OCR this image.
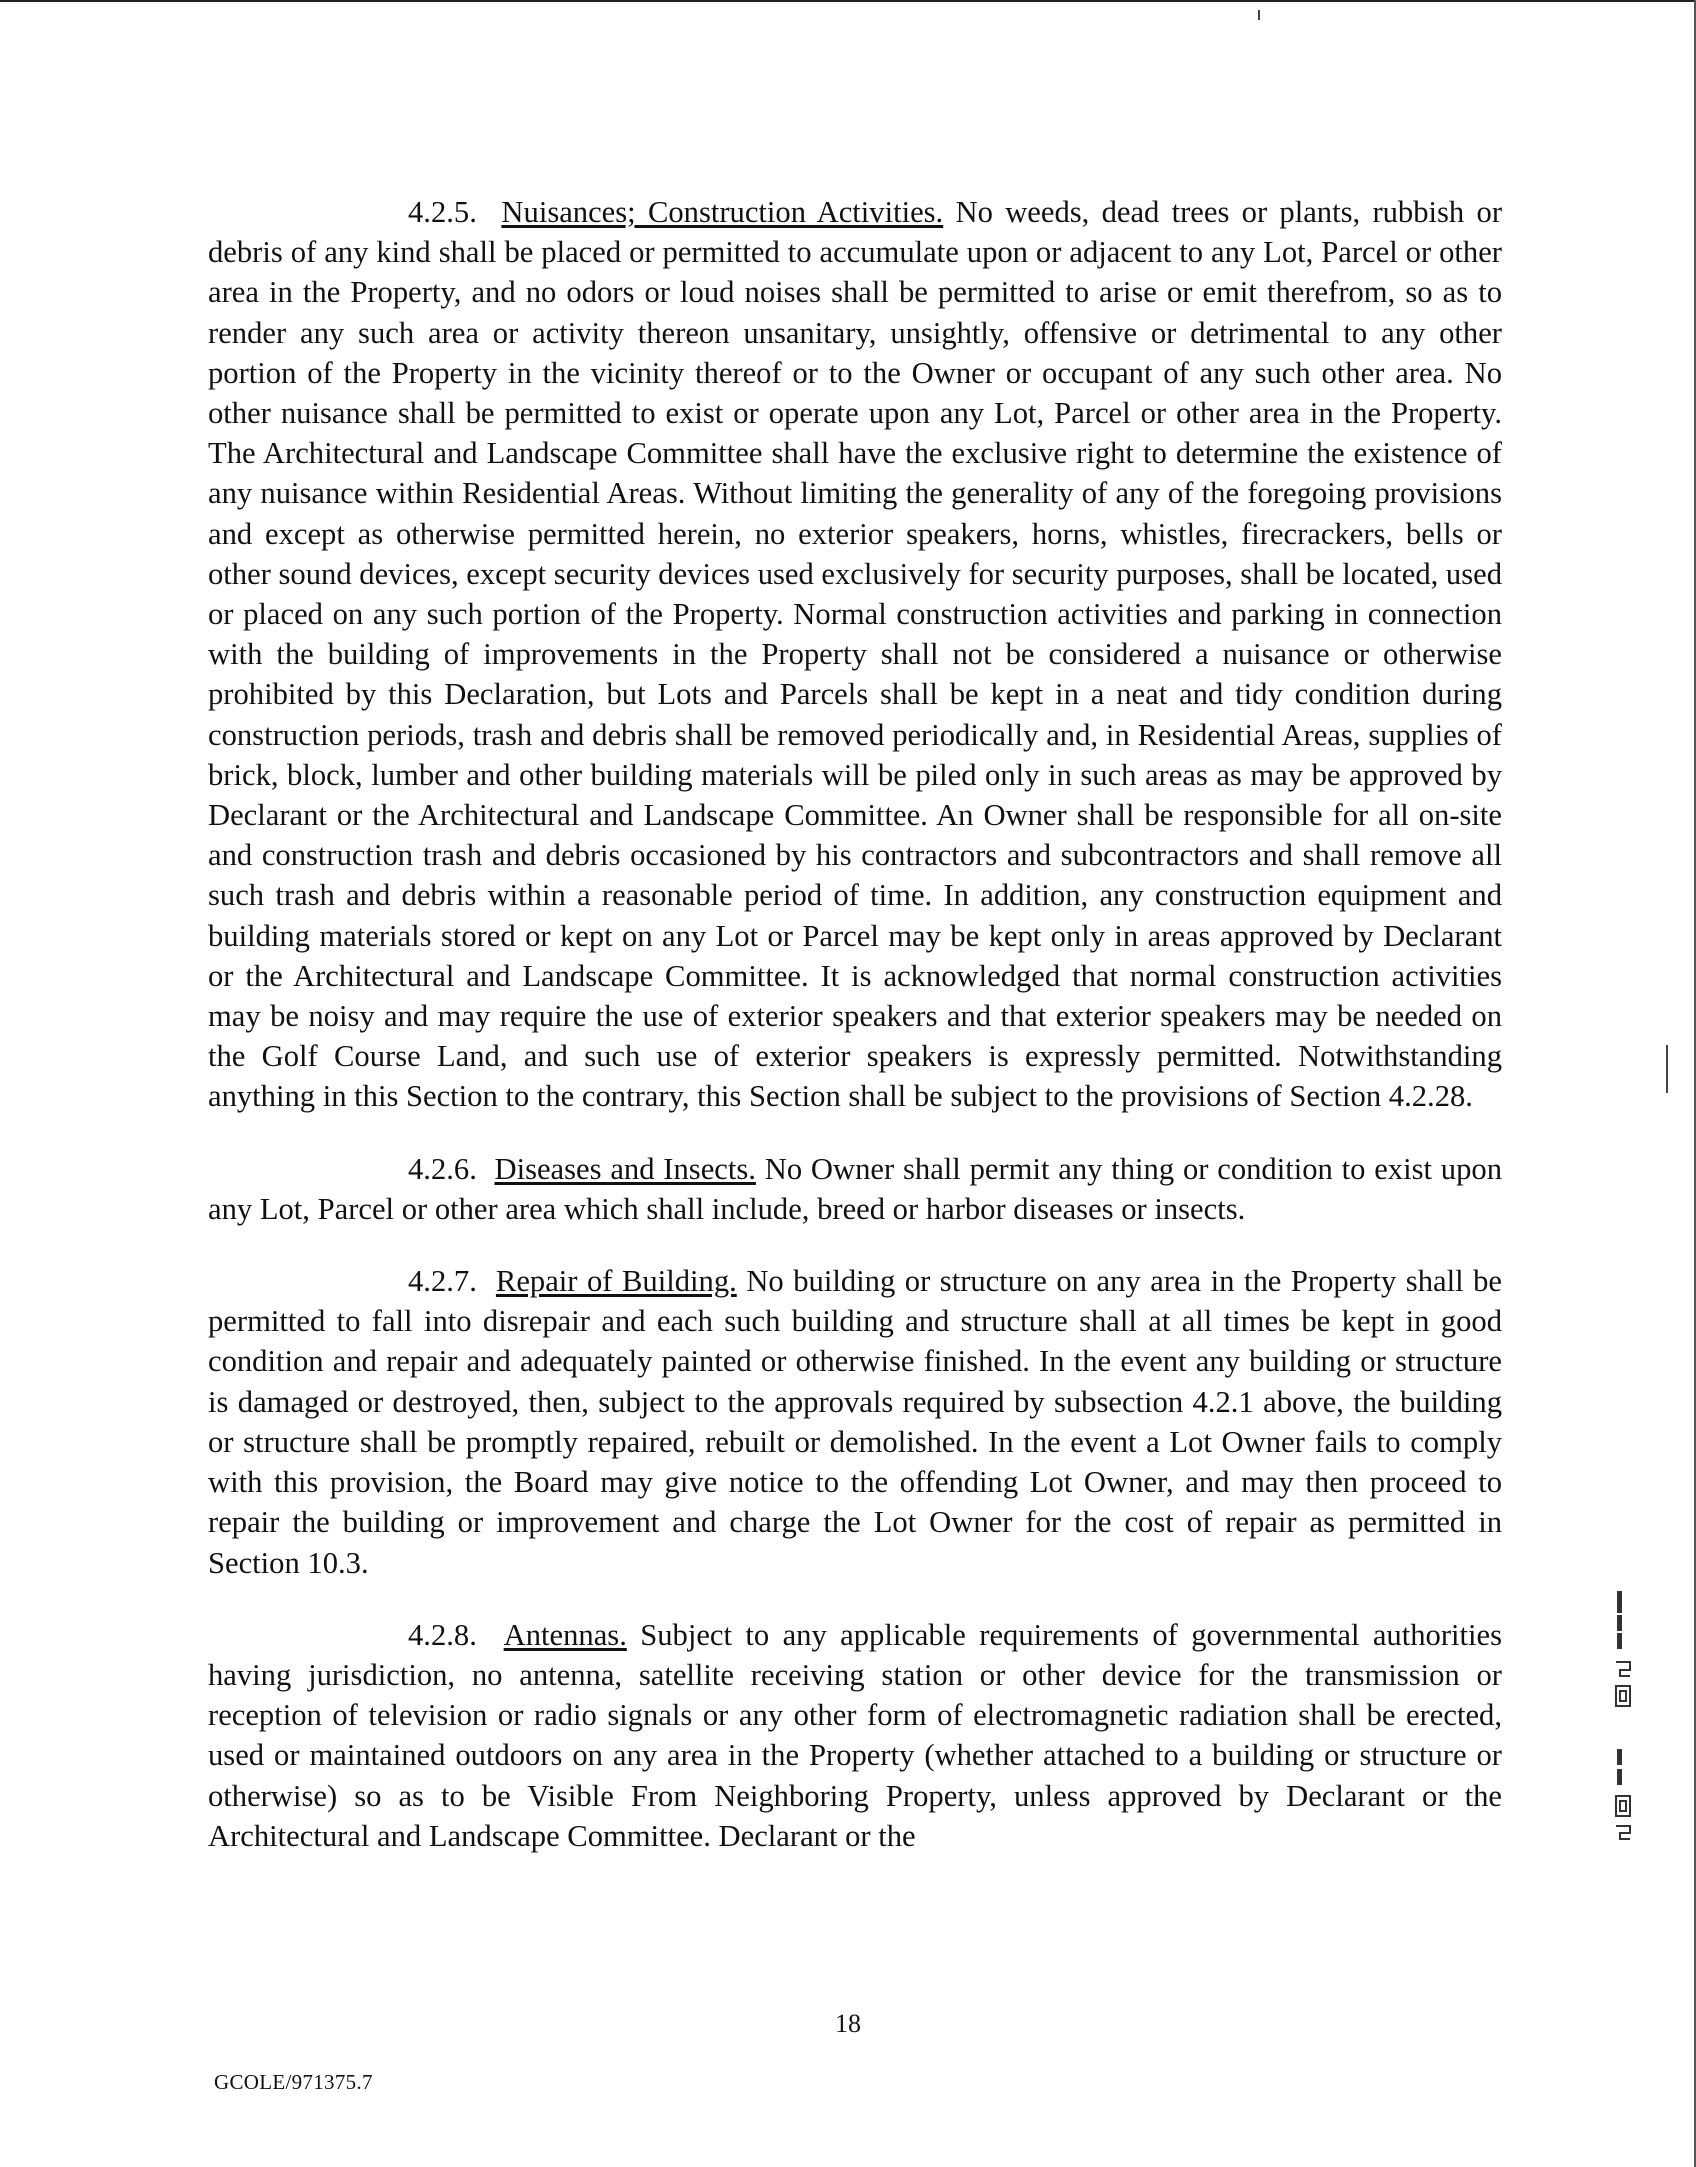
4.2.5. Nuisances; Construction Activities. No weeds, dead trees or plants, rubbish or debris of any kind shall be placed or permitted to accumulate upon or adjacent to any Lot, Parcel or other area in the Property, and no odors or loud noises shall be permitted to arise or emit therefrom, so as to render any such area or activity thereon unsanitary, unsightly, offensive or detrimental to any other portion of the Property in the vicinity thereof or to the Owner or occupant of any such other area. No other nuisance shall be permitted to exist or operate upon any Lot, Parcel or other area in the Property. The Architectural and Landscape Committee shall have the exclusive right to determine the existence of any nuisance within Residential Areas. Without limiting the generality of any of the foregoing provisions and except as otherwise permitted herein, no exterior speakers, horns, whistles, firecrackers, bells or other sound devices, except security devices used exclusively for security purposes, shall be located, used or placed on any such portion of the Property. Normal construction activities and parking in connection with the building of improvements in the Property shall not be considered a nuisance or otherwise prohibited by this Declaration, but Lots and Parcels shall be kept in a neat and tidy condition during construction periods, trash and debris shall be removed periodically and, in Residential Areas, supplies of brick, block, lumber and other building materials will be piled only in such areas as may be approved by Declarant or the Architectural and Landscape Committee. An Owner shall be responsible for all on-site and construction trash and debris occasioned by his contractors and subcontractors and shall remove all such trash and debris within a reasonable period of time. In addition, any construction equipment and building materials stored or kept on any Lot or Parcel may be kept only in areas approved by Declarant or the Architectural and Landscape Committee. It is acknowledged that normal construction activities may be noisy and may require the use of exterior speakers and that exterior speakers may be needed on the Golf Course Land, and such use of exterior speakers is expressly permitted. Notwithstanding anything in this Section to the contrary, this Section shall be subject to the provisions of Section 4.2.28.

4.2.6. Diseases and Insects. No Owner shall permit any thing or condition to exist upon any Lot, Parcel or other area which shall include, breed or harbor diseases or insects.

4.2.7. Repair of Building. No building or structure on any area in the Property shall be permitted to fall into disrepair and each such building and structure shall at all times be kept in good condition and repair and adequately painted or otherwise finished. In the event any building or structure is damaged or destroyed, then, subject to the approvals required by subsection 4.2.1 above, the building or structure shall be promptly repaired, rebuilt or demolished. In the event a Lot Owner fails to comply with this provision, the Board may give notice to the offending Lot Owner, and may then proceed to repair the building or improvement and charge the Lot Owner for the cost of repair as permitted in Section 10.3.

4.2.8. Antennas. Subject to any applicable requirements of governmental authorities having jurisdiction, no antenna, satellite receiving station or other device for the transmission or reception of television or radio signals or any other form of electromagnetic radiation shall be erected, used or maintained outdoors on any area in the Property (whether attached to a building or structure or otherwise) so as to be Visible From Neighboring Property, unless approved by Declarant or the Architectural and Landscape Committee. Declarant or the

18
GCOLE/971375.7
